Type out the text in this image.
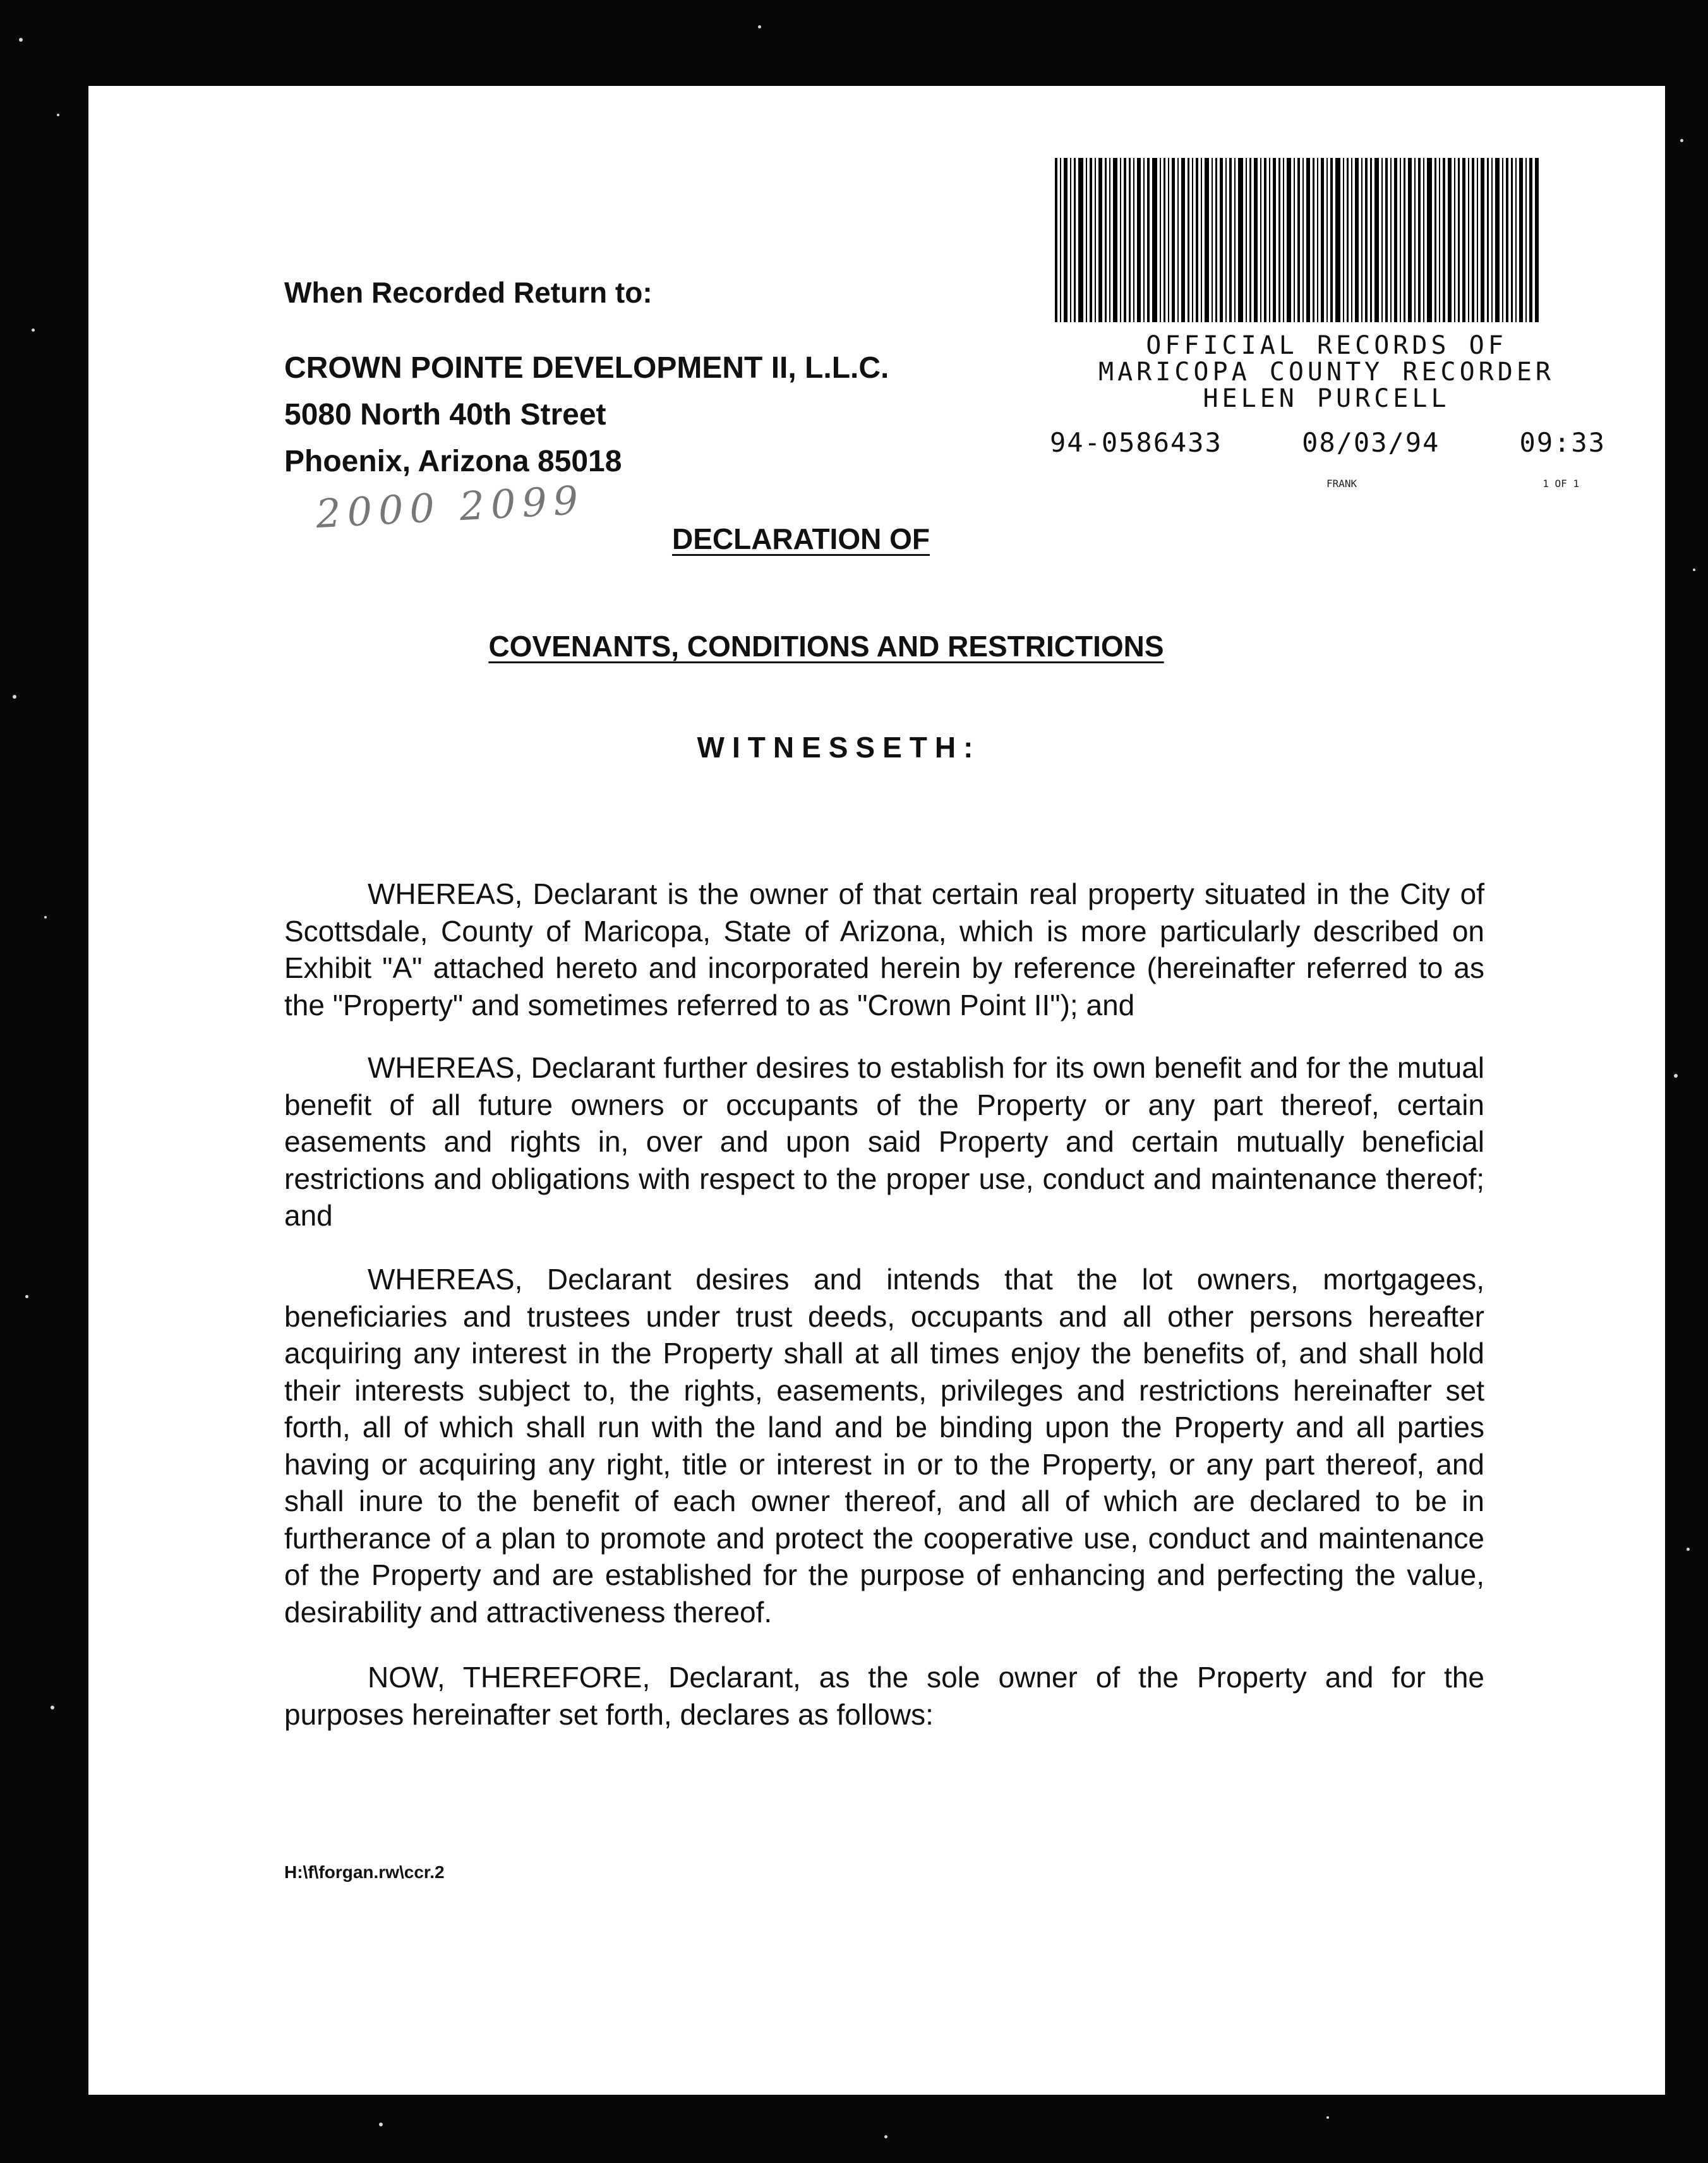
When Recorded Return to:
CROWN POINTE DEVELOPMENT II, L.L.C.
5080 North 40th Street
Phoenix, Arizona 85018
2000 2099
OFFICIAL RECORDS OF
MARICOPA COUNTY RECORDER
HELEN PURCELL
94-0586433	08/03/94	09:33
FRANK	1 OF 1
DECLARATION OF
COVENANTS, CONDITIONS AND RESTRICTIONS
WITNESSETH:
WHEREAS, Declarant is the owner of that certain real property situated in the City of Scottsdale, County of Maricopa, State of Arizona, which is more particularly described on Exhibit "A" attached hereto and incorporated herein by reference (hereinafter referred to as the "Property" and sometimes referred to as "Crown Point II"); and
WHEREAS, Declarant further desires to establish for its own benefit and for the mutual benefit of all future owners or occupants of the Property or any part thereof, certain easements and rights in, over and upon said Property and certain mutually beneficial restrictions and obligations with respect to the proper use, conduct and maintenance thereof; and
WHEREAS, Declarant desires and intends that the lot owners, mortgagees, beneficiaries and trustees under trust deeds, occupants and all other persons hereafter acquiring any interest in the Property shall at all times enjoy the benefits of, and shall hold their interests subject to, the rights, easements, privileges and restrictions hereinafter set forth, all of which shall run with the land and be binding upon the Property and all parties having or acquiring any right, title or interest in or to the Property, or any part thereof, and shall inure to the benefit of each owner thereof, and all of which are declared to be in furtherance of a plan to promote and protect the cooperative use, conduct and maintenance of the Property and are established for the purpose of enhancing and perfecting the value, desirability and attractiveness thereof.
NOW, THEREFORE, Declarant, as the sole owner of the Property and for the purposes hereinafter set forth, declares as follows:
H:\f\forgan.rw\ccr.2
